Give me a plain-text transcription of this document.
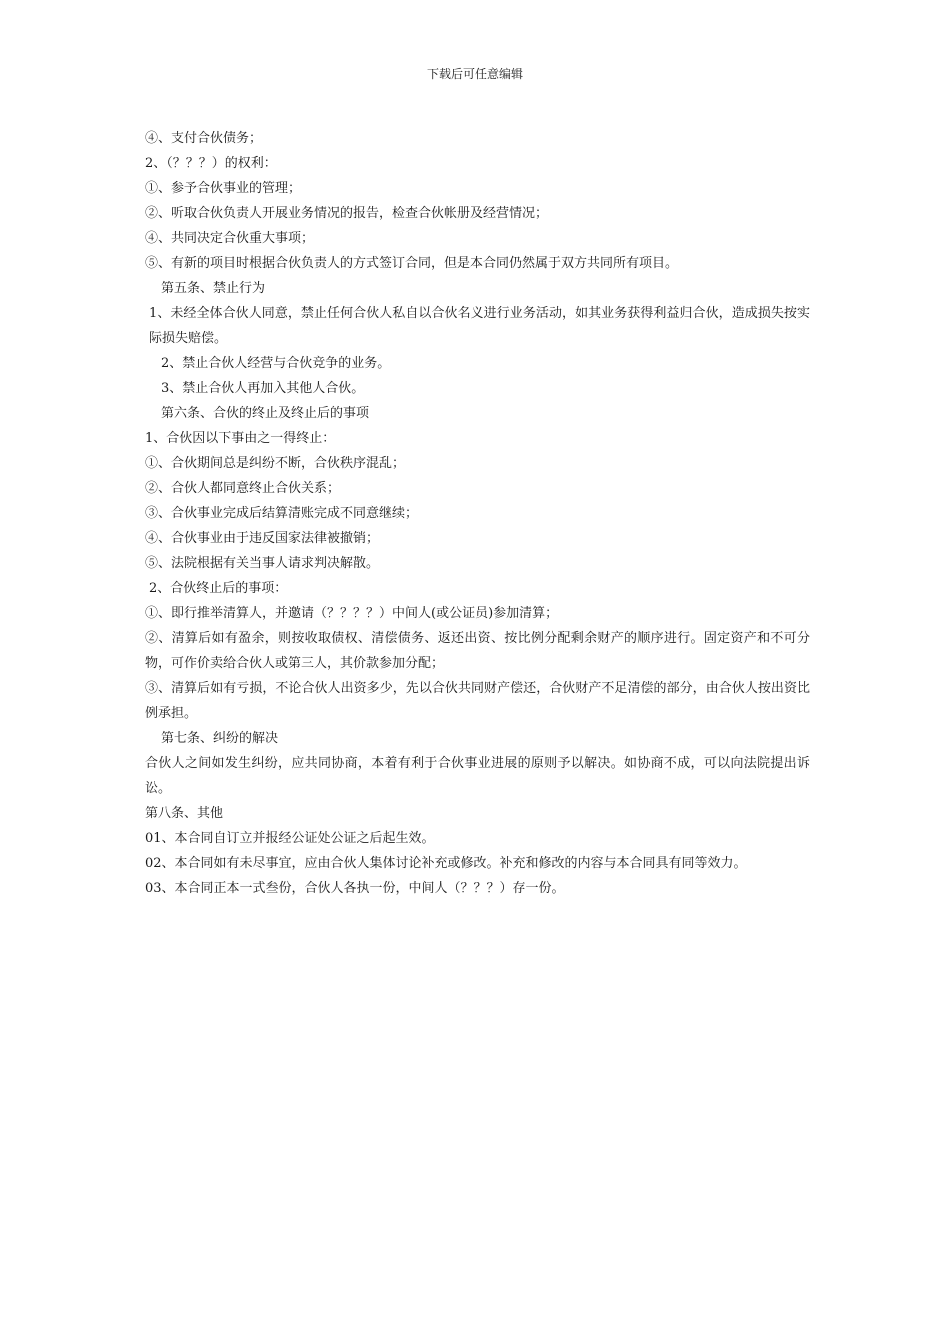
下载后可任意编辑
④、支付合伙债务；
2、（？？？）的权利：
①、参予合伙事业的管理；
②、听取合伙负责人开展业务情况的报告，检查合伙帐册及经营情况；
④、共同决定合伙重大事项；
⑤、有新的项目时根据合伙负责人的方式签订合同，但是本合同仍然属于双方共同所有项目。
第五条、禁止行为
1、未经全体合伙人同意，禁止任何合伙人私自以合伙名义进行业务活动，如其业务获得利益归合伙，造成损失按实际损失赔偿。
2、禁止合伙人经营与合伙竞争的业务。
3、禁止合伙人再加入其他人合伙。
第六条、合伙的终止及终止后的事项
1、合伙因以下事由之一得终止：
①、合伙期间总是纠纷不断，合伙秩序混乱；
②、合伙人都同意终止合伙关系；
③、合伙事业完成后结算清账完成不同意继续；
④、合伙事业由于违反国家法律被撤销；
⑤、法院根据有关当事人请求判决解散。
2、合伙终止后的事项：
①、即行推举清算人，并邀请（？？？？）中间人(或公证员)参加清算；
②、清算后如有盈余，则按收取债权、清偿债务、返还出资、按比例分配剩余财产的顺序进行。固定资产和不可分物，可作价卖给合伙人或第三人，其价款参加分配；
③、清算后如有亏损，不论合伙人出资多少，先以合伙共同财产偿还，合伙财产不足清偿的部分，由合伙人按出资比例承担。
第七条、纠纷的解决
合伙人之间如发生纠纷，应共同协商，本着有利于合伙事业进展的原则予以解决。如协商不成，可以向法院提出诉讼。
第八条、其他
01、本合同自订立并报经公证处公证之后起生效。
02、本合同如有未尽事宜，应由合伙人集体讨论补充或修改。补充和修改的内容与本合同具有同等效力。
03、本合同正本一式叁份，合伙人各执一份，中间人（？？？）存一份。
